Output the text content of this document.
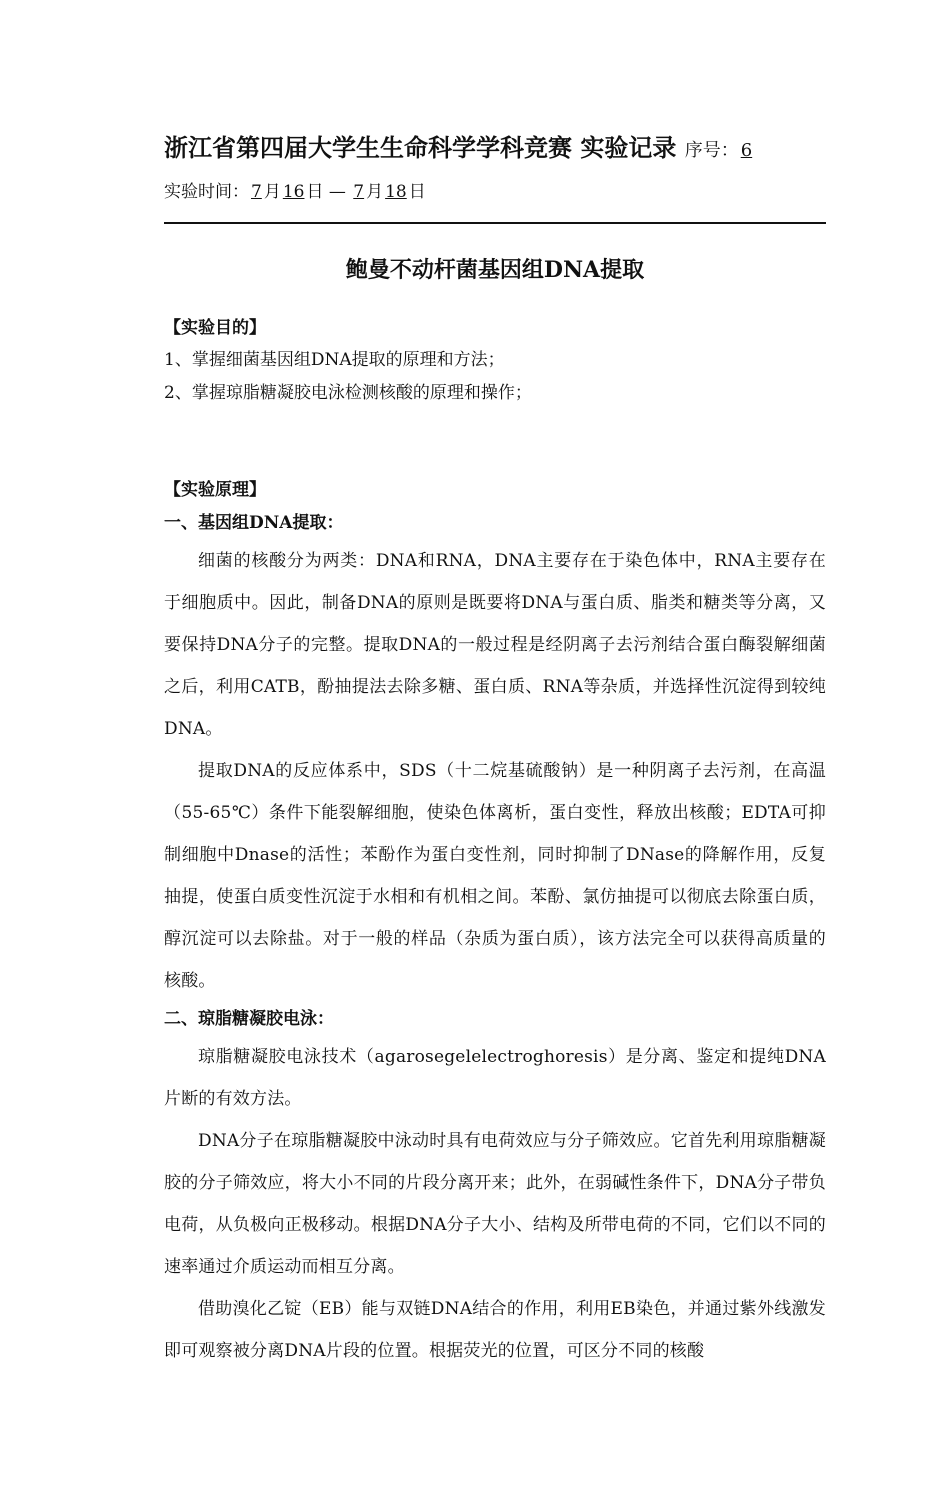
浙江省第四届大学生生命科学学科竞赛 实验记录 序号： 6
实验时间： 7 月 16 日 — 7 月 18 日
鲍曼不动杆菌基因组DNA提取
【实验目的】
1、掌握细菌基因组DNA提取的原理和方法；
2、掌握琼脂糖凝胶电泳检测核酸的原理和操作；
【实验原理】
一、基因组DNA提取：

细菌的核酸分为两类：DNA和RNA，DNA主要存在于染色体中，RNA主要存在于细胞质中。因此，制备DNA的原则是既要将DNA与蛋白质、脂类和糖类等分离，又要保持DNA分子的完整。提取DNA的一般过程是经阴离子去污剂结合蛋白酶裂解细菌之后，利用CATB，酚抽提法去除多糖、蛋白质、RNA等杂质，并选择性沉淀得到较纯DNA。

提取DNA的反应体系中，SDS（十二烷基硫酸钠）是一种阴离子去污剂，在高温（55-65℃）条件下能裂解细胞，使染色体离析，蛋白变性，释放出核酸；EDTA可抑制细胞中Dnase的活性；苯酚作为蛋白变性剂，同时抑制了DNase的降解作用，反复抽提，使蛋白质变性沉淀于水相和有机相之间。苯酚、氯仿抽提可以彻底去除蛋白质，醇沉淀可以去除盐。对于一般的样品（杂质为蛋白质），该方法完全可以获得高质量的核酸。

二、琼脂糖凝胶电泳：

琼脂糖凝胶电泳技术（agarosegelelectroghoresis）是分离、鉴定和提纯DNA片断的有效方法。

DNA分子在琼脂糖凝胶中泳动时具有电荷效应与分子筛效应。它首先利用琼脂糖凝胶的分子筛效应，将大小不同的片段分离开来；此外，在弱碱性条件下，DNA分子带负电荷，从负极向正极移动。根据DNA分子大小、结构及所带电荷的不同，它们以不同的速率通过介质运动而相互分离。

借助溴化乙锭（EB）能与双链DNA结合的作用，利用EB染色，并通过紫外线激发即可观察被分离DNA片段的位置。根据荧光的位置，可区分不同的核酸
